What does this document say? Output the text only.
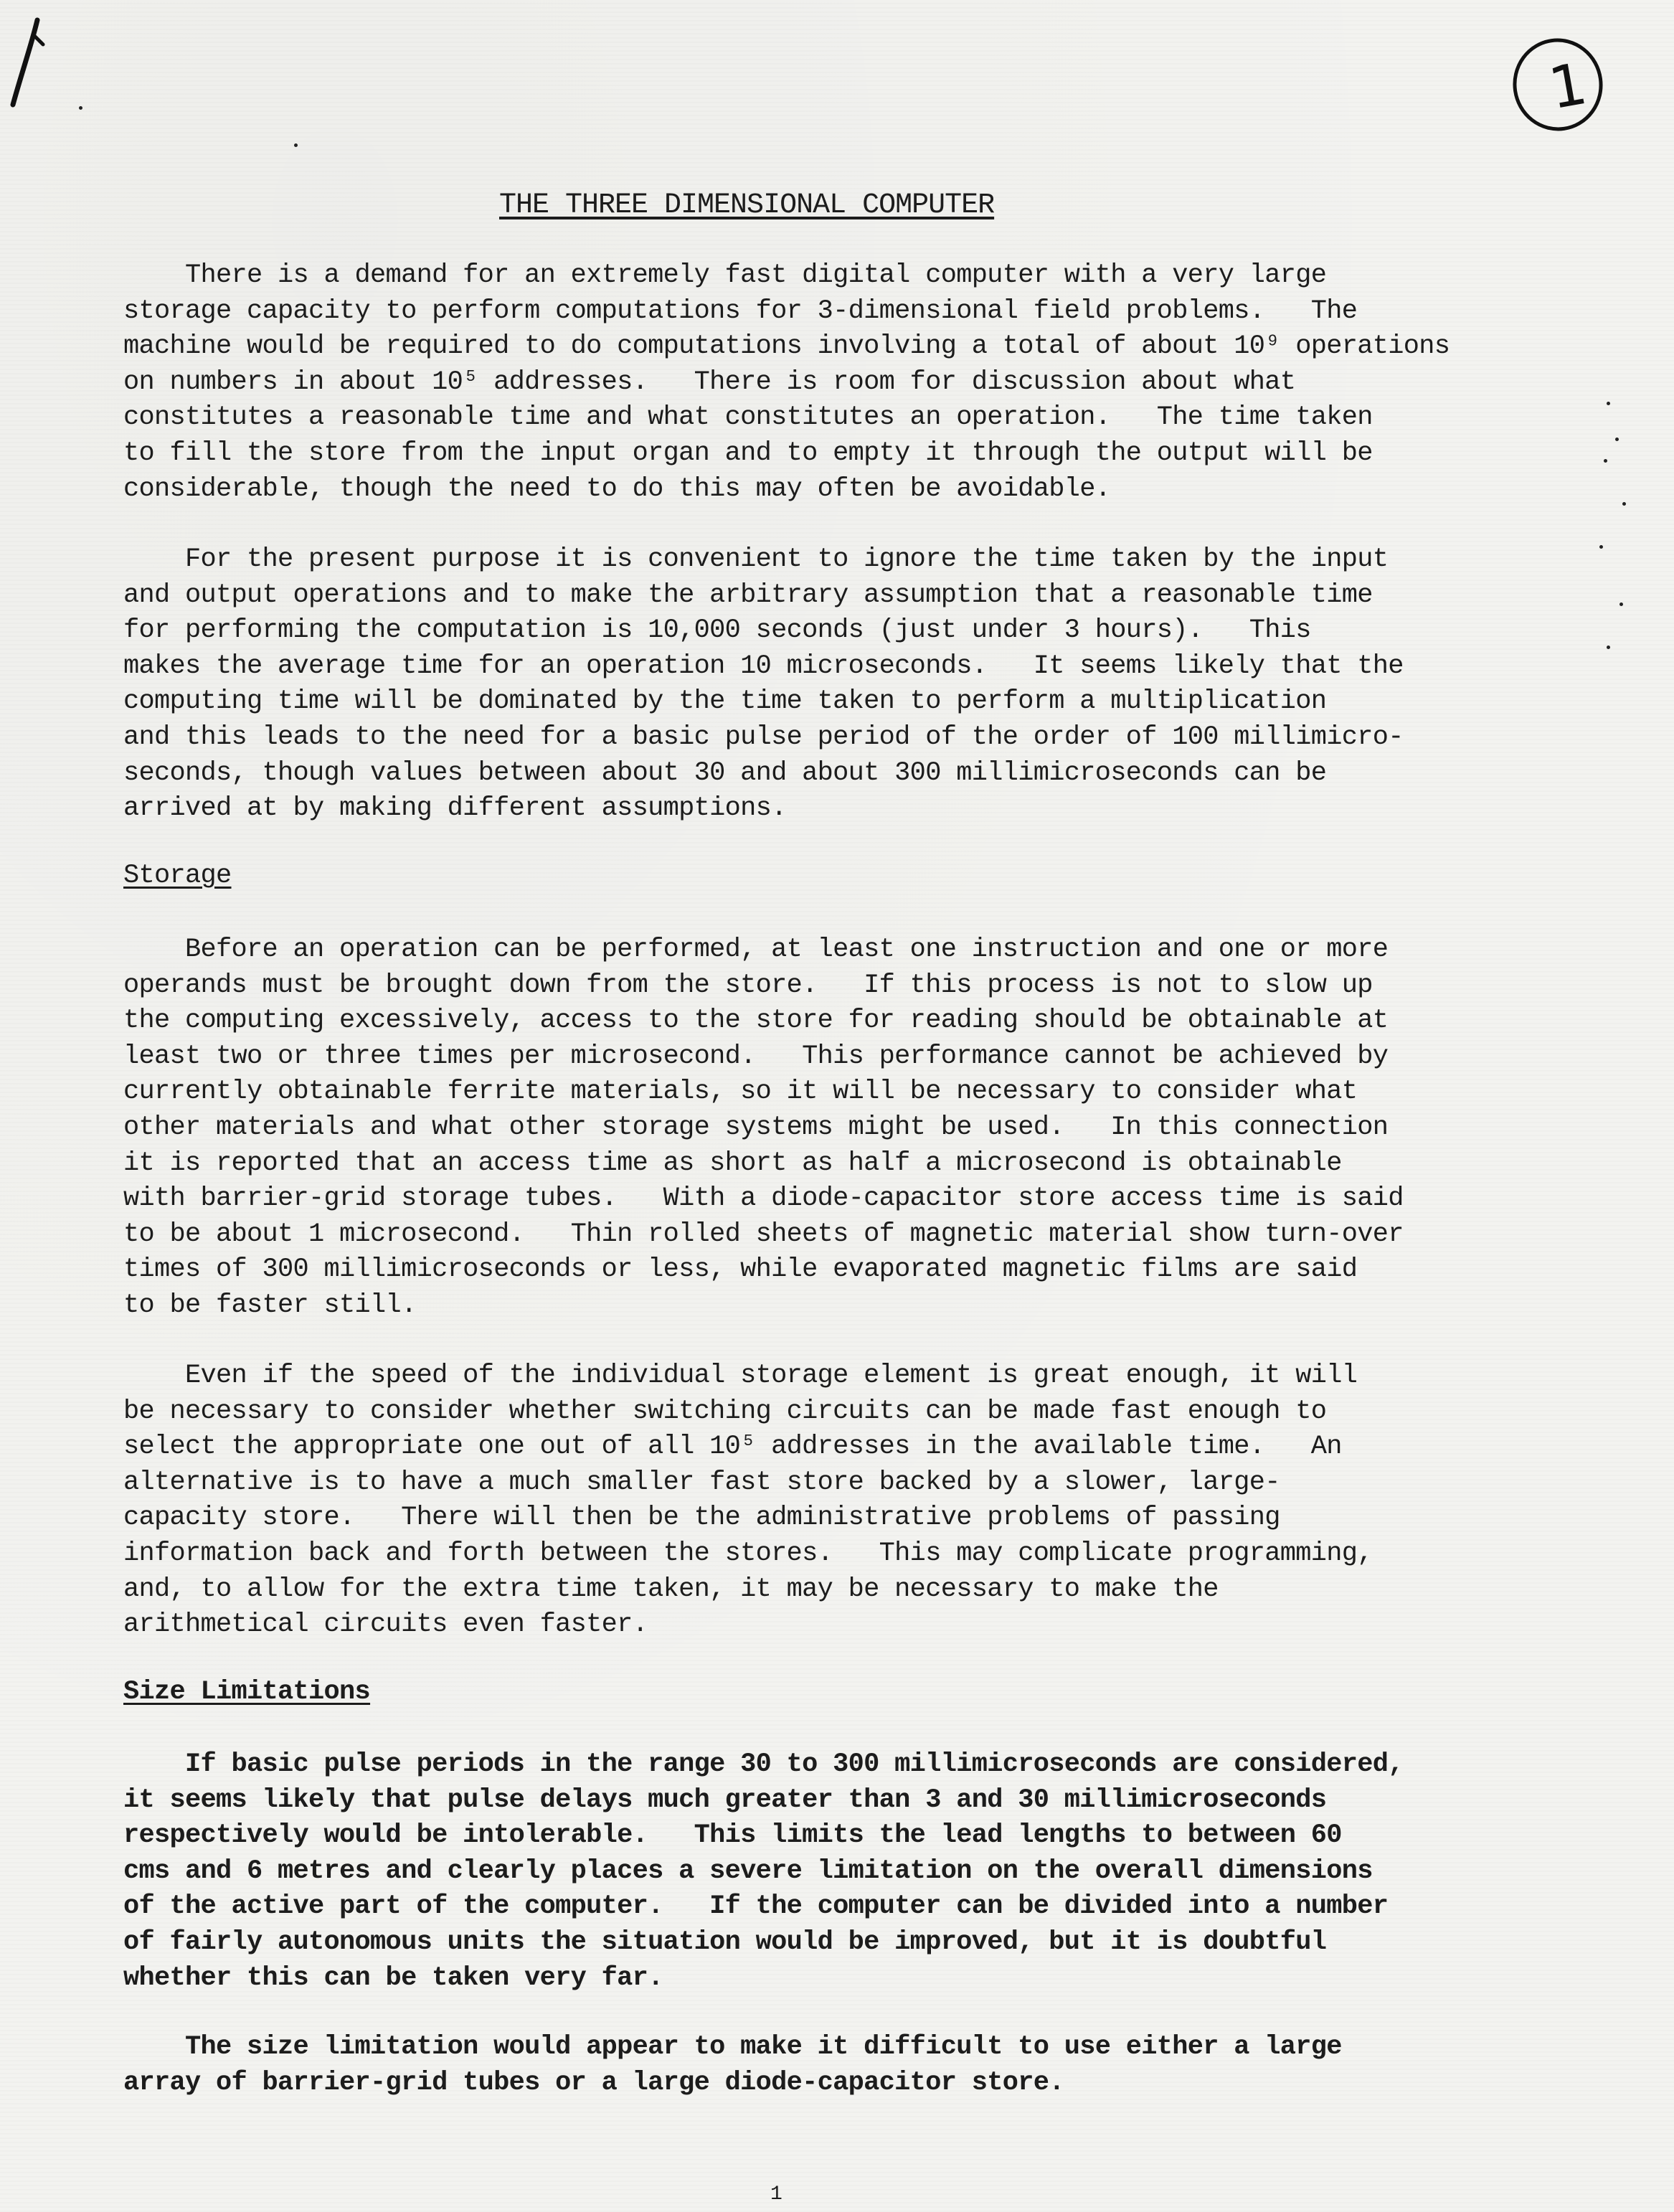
1
THE THREE DIMENSIONAL COMPUTER
There is a demand for an extremely fast digital computer with a very large
storage capacity to perform computations for 3-dimensional field problems.   The
machine would be required to do computations involving a total of about 10⁹ operations
on numbers in about 10⁵ addresses.   There is room for discussion about what
constitutes a reasonable time and what constitutes an operation.   The time taken
to fill the store from the input organ and to empty it through the output will be
considerable, though the need to do this may often be avoidable.
For the present purpose it is convenient to ignore the time taken by the input
and output operations and to make the arbitrary assumption that a reasonable time
for performing the computation is 10,000 seconds (just under 3 hours).   This
makes the average time for an operation 10 microseconds.   It seems likely that the
computing time will be dominated by the time taken to perform a multiplication
and this leads to the need for a basic pulse period of the order of 100 millimicro-
seconds, though values between about 30 and about 300 millimicroseconds can be
arrived at by making different assumptions.
Storage
Before an operation can be performed, at least one instruction and one or more
operands must be brought down from the store.   If this process is not to slow up
the computing excessively, access to the store for reading should be obtainable at
least two or three times per microsecond.   This performance cannot be achieved by
currently obtainable ferrite materials, so it will be necessary to consider what
other materials and what other storage systems might be used.   In this connection
it is reported that an access time as short as half a microsecond is obtainable
with barrier-grid storage tubes.   With a diode-capacitor store access time is said
to be about 1 microsecond.   Thin rolled sheets of magnetic material show turn-over
times of 300 millimicroseconds or less, while evaporated magnetic films are said
to be faster still.
Even if the speed of the individual storage element is great enough, it will
be necessary to consider whether switching circuits can be made fast enough to
select the appropriate one out of all 10⁵ addresses in the available time.   An
alternative is to have a much smaller fast store backed by a slower, large-
capacity store.   There will then be the administrative problems of passing
information back and forth between the stores.   This may complicate programming,
and, to allow for the extra time taken, it may be necessary to make the
arithmetical circuits even faster.
Size Limitations
If basic pulse periods in the range 30 to 300 millimicroseconds are considered,
it seems likely that pulse delays much greater than 3 and 30 millimicroseconds
respectively would be intolerable.   This limits the lead lengths to between 60
cms and 6 metres and clearly places a severe limitation on the overall dimensions
of the active part of the computer.   If the computer can be divided into a number
of fairly autonomous units the situation would be improved, but it is doubtful
whether this can be taken very far.
The size limitation would appear to make it difficult to use either a large
array of barrier-grid tubes or a large diode-capacitor store.
1
